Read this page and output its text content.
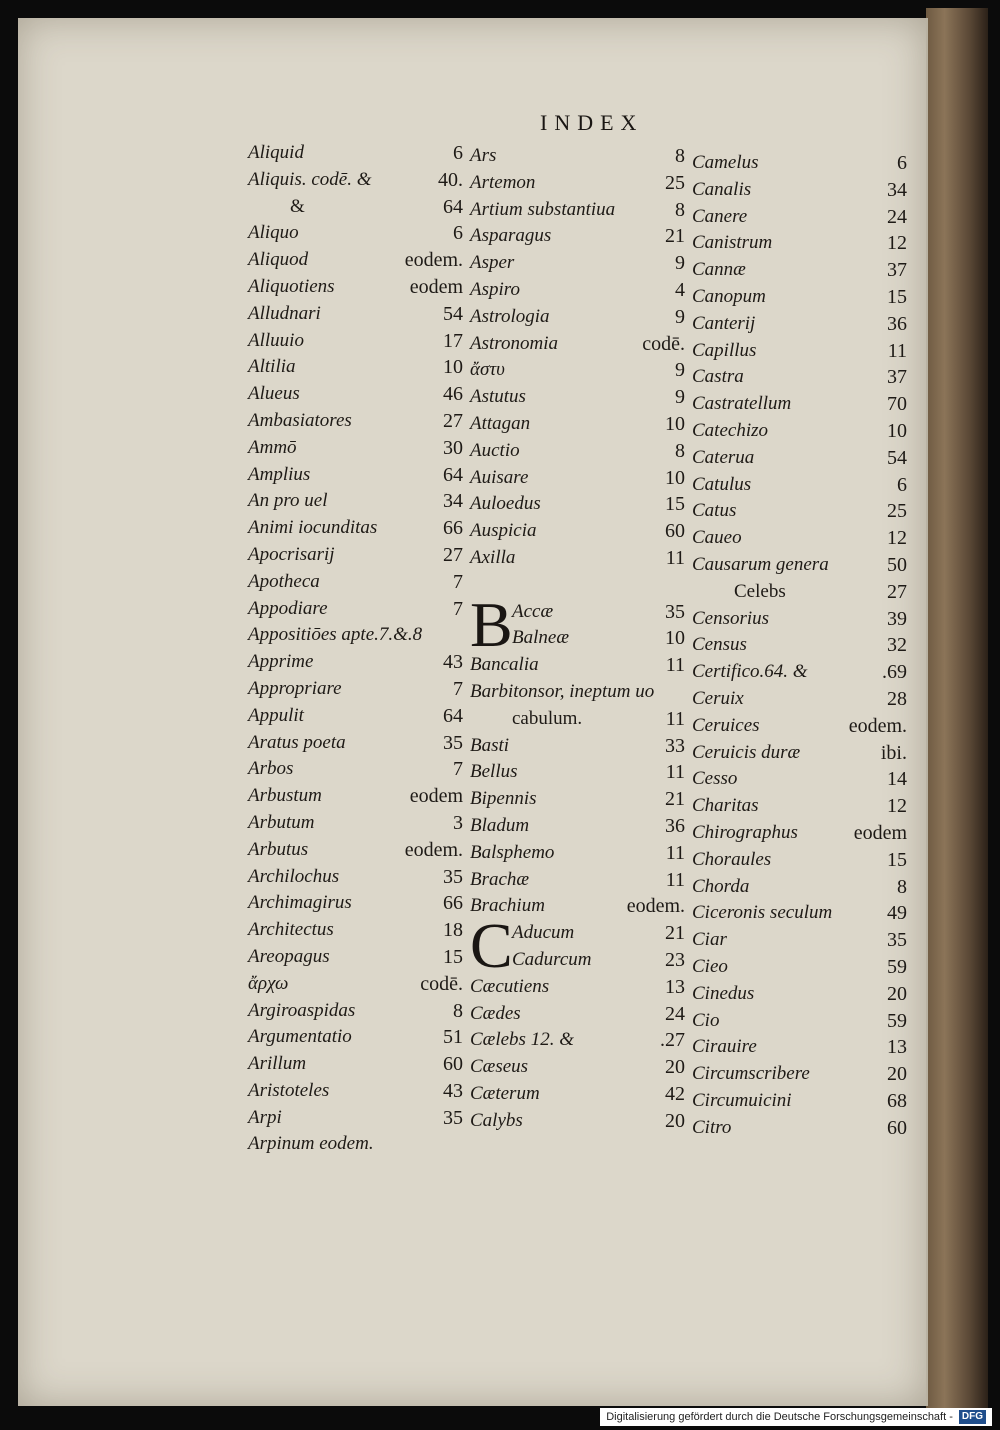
INDEX
Aliquid	6
Aliquis. codē. &	40.
&	64
Aliquo	6
Aliquod	eodem.
Aliquotiens	eodem
Alludnari	54
Alluuio	17
Altilia	10
Alueus	46
Ambasiatores	27
Ammō	30
Amplius	64
An pro uel	34
Animi iocunditas	66
Apocrisarij	27
Apotheca	7
Appodiare	7
Appositiōes apte.7.&.8
Apprime	43
Appropriare	7
Appulit	64
Aratus poeta	35
Arbos	7
Arbustum	eodem
Arbutum	3
Arbutus	eodem.
Archilochus	35
Archimagirus	66
Architectus	18
Areopagus	15
ἄρχω	codē.
Argiroaspidas	8
Argumentatio	51
Arillum	60
Aristoteles	43
Arpi	35
Arpinum eodem.
Ars	8
Artemon	25
Artium substantiua	8
Asparagus	21
Asper	9
Aspiro	4
Astrologia	9
Astronomia	codē.
ἄστυ	9
Astutus	9
Attagan	10
Auctio	8
Auisare	10
Auloedus	15
Auspicia	60
Axilla	11
B Accæ	35
Balneæ	10
Bancalia	11
Barbitonsor, ineptum uo
cabulum.	11
Basti	33
Bellus	11
Bipennis	21
Bladum	36
Balsphemo	11
Brachæ	11
Brachium	eodem.
C Aducum	21
Cadurcum	23
Cæcutiens	13
Cædes	24
Cælebs 12. &	.27
Cæseus	20
Cæterum	42
Calybs	20
Camelus	6
Canalis	34
Canere	24
Canistrum	12
Cannæ	37
Canopum	15
Canterij	36
Capillus	11
Castra	37
Castratellum	70
Catechizo	10
Caterua	54
Catulus	6
Catus	25
Caueo	12
Causarum genera	50
Celebs	27
Censorius	39
Census	32
Certifico.64. &	.69
Ceruix	28
Ceruices	eodem.
Ceruicis duræ	ibi.
Cesso	14
Charitas	12
Chirographus	eodem
Choraules	15
Chorda	8
Ciceronis seculum	49
Ciar	35
Cieo	59
Cinedus	20
Cio	59
Cirauire	13
Circumscribere	20
Circumuicini	68
Citro	60
Digitalisierung gefördert durch die Deutsche Forschungsgemeinschaft - DFG
